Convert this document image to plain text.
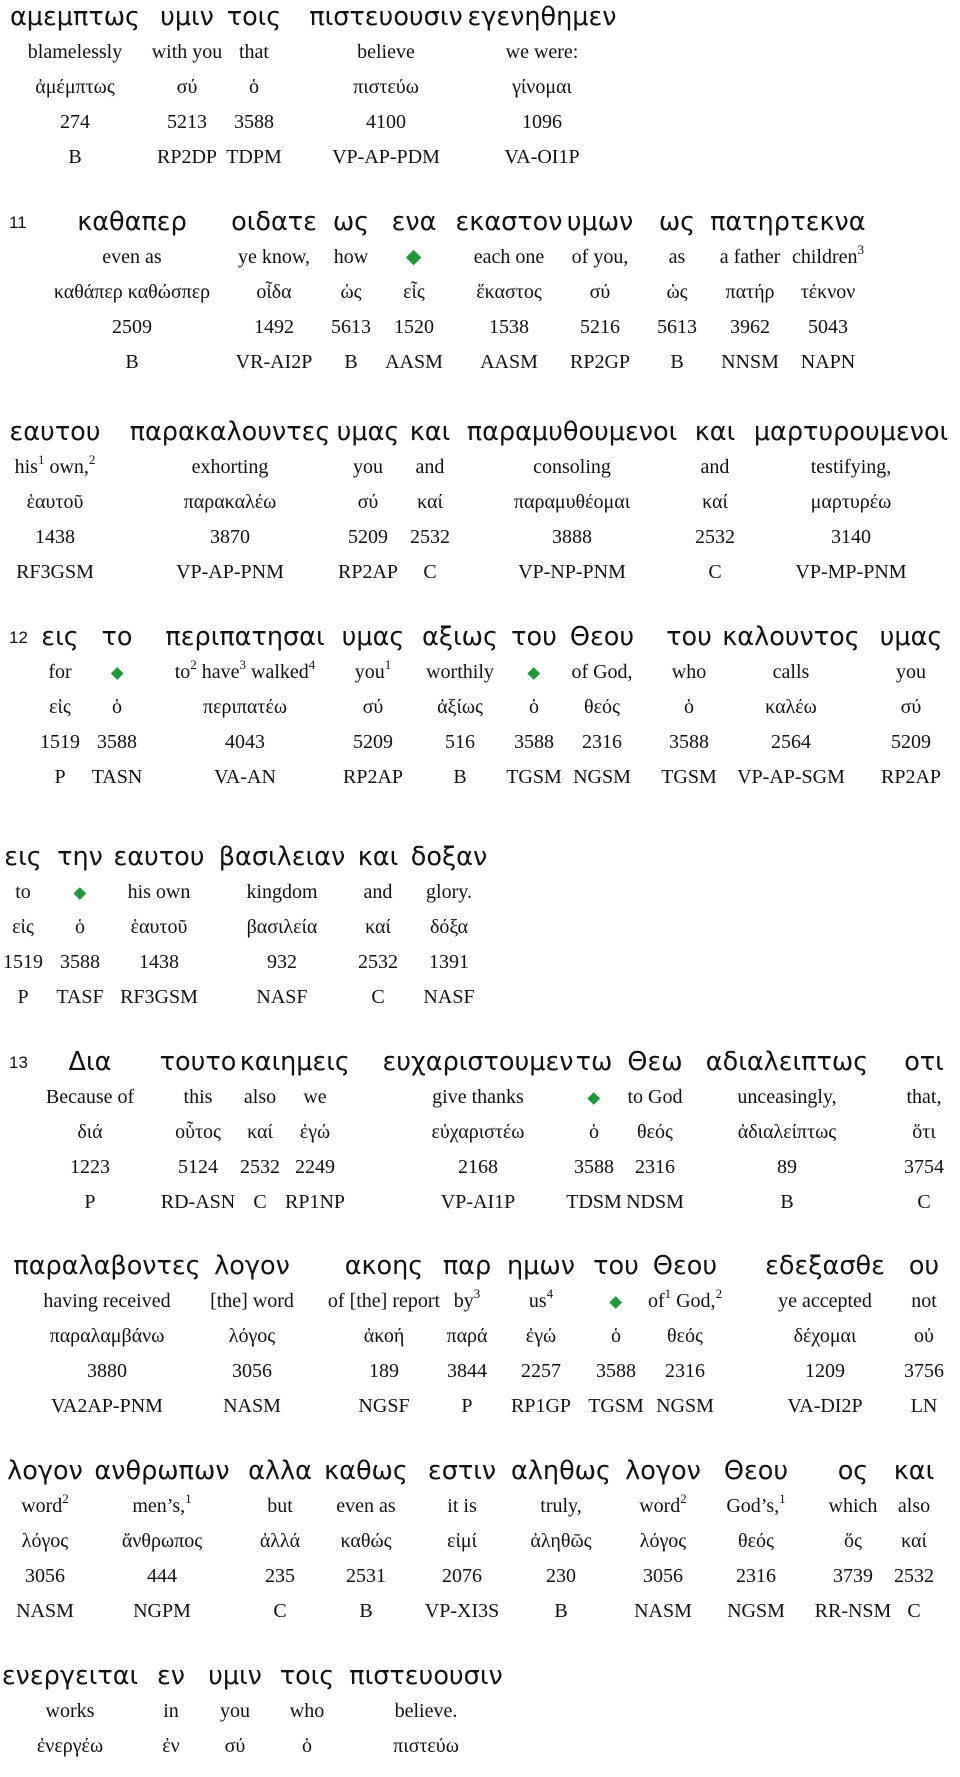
αμεμπτως
blamelessly
ἀμέμπτως
274
B
υμιν
with you
σύ
5213
RP2DP
τοις
that
ὁ
3588
TDPM
πιστευουσιν
believe
πιστεύω
4100
VP-AP-PDM
εγενηθημεν
we were:
γίνομαι
1096
VA-OI1P
11	καθαπερ
even as
καθάπερ καθώσπερ
2509
B
οιδατε
ye know,
οἶδα
1492
VR-AI2P
ως
how
ὡς
5613
B
ενα
εἷς
1520
AASM
εκαστον
each one
ἕκαστος
1538
AASM
υμων
of you,
σύ
5216
RP2GP
ως
as
ὡς
5613
B
πατηρ
a father
πατήρ
3962
NNSM
τεκνα
children$^3$
τέκνον
5043
NAPN
εαυτου
his$^1$ own,$^2$
ἑαυτοῦ
1438
RF3GSM
παρακαλουντες
exhorting
παρακαλέω
3870
VP-AP-PNM
υμας
you
σύ
5209
RP2AP
και
and
καί
2532
C
παραμυθουμενοι
consoling
παραμυθέομαι
3888
VP-NP-PNM
και
and
καί
2532
C
μαρτυρουμενοι
testifying,
μαρτυρέω
3140
VP-MP-PNM
12 εις
for
εἰς
1519
P
το
ὁ
3588
TASN
περιπατησαι
$to^2$ have$^3$ walked$^4$
περιπατέω
4043
VA-AN
υμας
you$^1$
σύ
5209
RP2AP
αξιως
worthily
ἀξίως
516
B
του
ὁ
3588
TGSM
Θεου
of God,
θεός
2316
NGSM
του
who
ὁ
3588
TGSM
καλουντος
calls
καλέω
2564
VP-AP-SGM
υμας
you
σύ
5209
RP2AP
εις
to
εἰς
1519
P
την
ὁ
3588
TASF
εαυτου
his own
ἑαυτοῦ
1438
RF3GSM
βασιλειαν
kingdom
βασιλεία
932
NASF
και
and
καί
2532
C
δοξαν
glory.
δόξα
1391
NASF
13	Δια
Because of
διά
1223
P
τουτο
this
οὗτος
5124
RD-ASN
και
also
καί
2532
C
ημεις
we
ἐγώ
2249
RP1NP
ευχαριστουμεν
give thanks
εὐχαριστέω
2168
VP-AI1P
τω
ὁ
3588
TDSM
Θεω
to God
θεός
2316
NDSM
αδιαλειπτως
unceasingly,
ἀδιαλείπτως
89
B
οτι
that,
ὅτι
3754
C
παραλαβοντες
having received
παραλαμβάνω
3880
VA2AP-PNM
λογον
[the] word
λόγος
3056
NASM
ακοης
of [the] report
ἀκοή
189
NGSF
παρ
$by^3$
παρά
3844
P
ημων
$us^4$
ἐγώ
2257
RP1GP
του
ὁ
3588
TGSM
Θεου
$of^1$ God,$^2$
θεός
2316
NGSM
εδεξασθε
ye accepted
δέχομαι
1209
VA-DI2P
ου
not
οὐ
3756
LN
λογον
word$^2$
λόγος
3056
NASM
ανθρωπων
men’s,$^1$
ἄνθρωπος
444
NGPM
αλλα
but
ἀλλά
235
C
καθως
even as
καθώς
2531
B
εστιν
it is
εἰμί
2076
VP-XI3S
αληθως
truly,
ἀληθῶς
230
B
λογον
word$^2$
λόγος
3056
NASM
Θεου
God’s,$^1$
θεός
2316
NGSM
ος
which
ὅς
3739
RR-NSM
και
also
καί
2532
C
ενεργειται
works
ἐνεργέω
εν
in
ἐν
υμιν
you
σύ
τοις
who
ὁ
πιστευουσιν
believe.
πιστεύω
